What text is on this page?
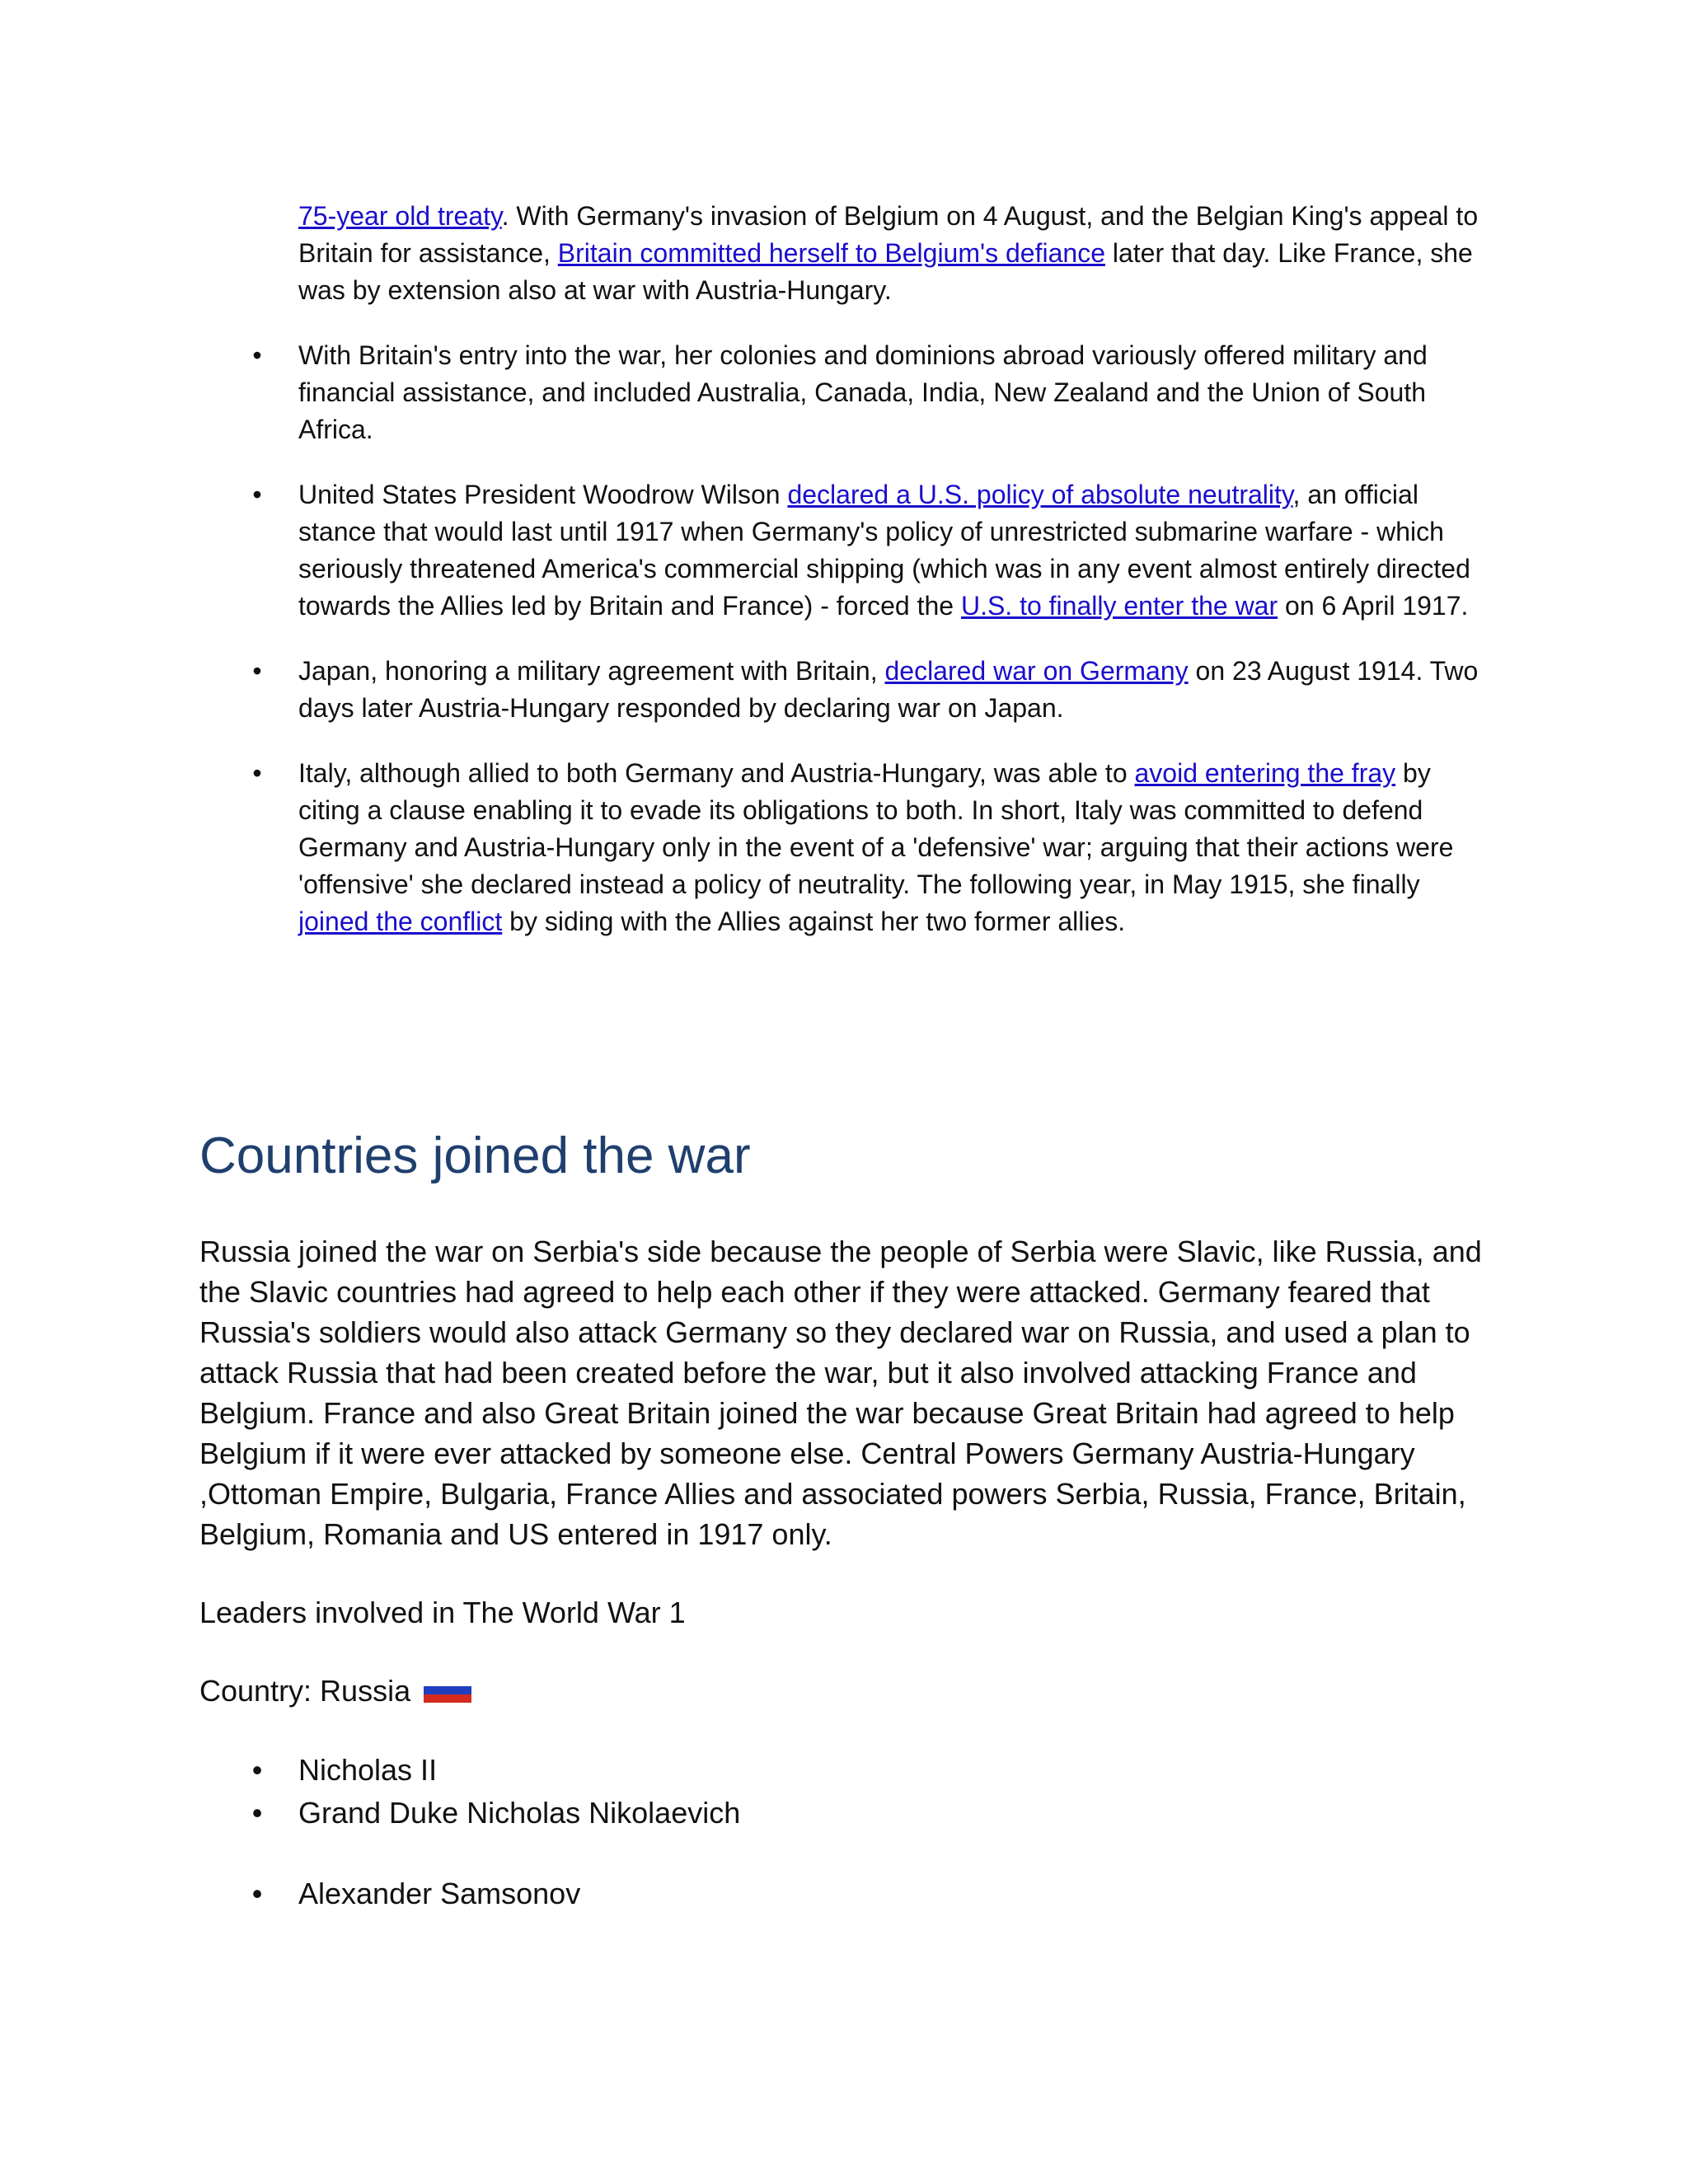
75-year old treaty. With Germany's invasion of Belgium on 4 August, and the Belgian King's appeal to Britain for assistance, Britain committed herself to Belgium's defiance later that day. Like France, she was by extension also at war with Austria-Hungary.

• With Britain's entry into the war, her colonies and dominions abroad variously offered military and financial assistance, and included Australia, Canada, India, New Zealand and the Union of South Africa.
• United States President Woodrow Wilson declared a U.S. policy of absolute neutrality, an official stance that would last until 1917 when Germany's policy of unrestricted submarine warfare - which seriously threatened America's commercial shipping (which was in any event almost entirely directed towards the Allies led by Britain and France) - forced the U.S. to finally enter the war on 6 April 1917.
• Japan, honoring a military agreement with Britain, declared war on Germany on 23 August 1914. Two days later Austria-Hungary responded by declaring war on Japan.
• Italy, although allied to both Germany and Austria-Hungary, was able to avoid entering the fray by citing a clause enabling it to evade its obligations to both. In short, Italy was committed to defend Germany and Austria-Hungary only in the event of a 'defensive' war; arguing that their actions were 'offensive' she declared instead a policy of neutrality. The following year, in May 1915, she finally joined the conflict by siding with the Allies against her two former allies.
Countries joined the war

Russia joined the war on Serbia's side because the people of Serbia were Slavic, like Russia, and the Slavic countries had agreed to help each other if they were attacked. Germany feared that Russia's soldiers would also attack Germany so they declared war on Russia, and used a plan to attack Russia that had been created before the war, but it also involved attacking France and Belgium. France and also Great Britain joined the war because Great Britain had agreed to help Belgium if it were ever attacked by someone else. Central Powers Germany Austria-Hungary ,Ottoman Empire, Bulgaria, France Allies and associated powers Serbia, Russia, France, Britain, Belgium, Romania and US entered in 1917 only.

Leaders involved in The World War 1

Country: Russia

• Nicholas II
• Grand Duke Nicholas Nikolaevich
• Alexander Samsonov
